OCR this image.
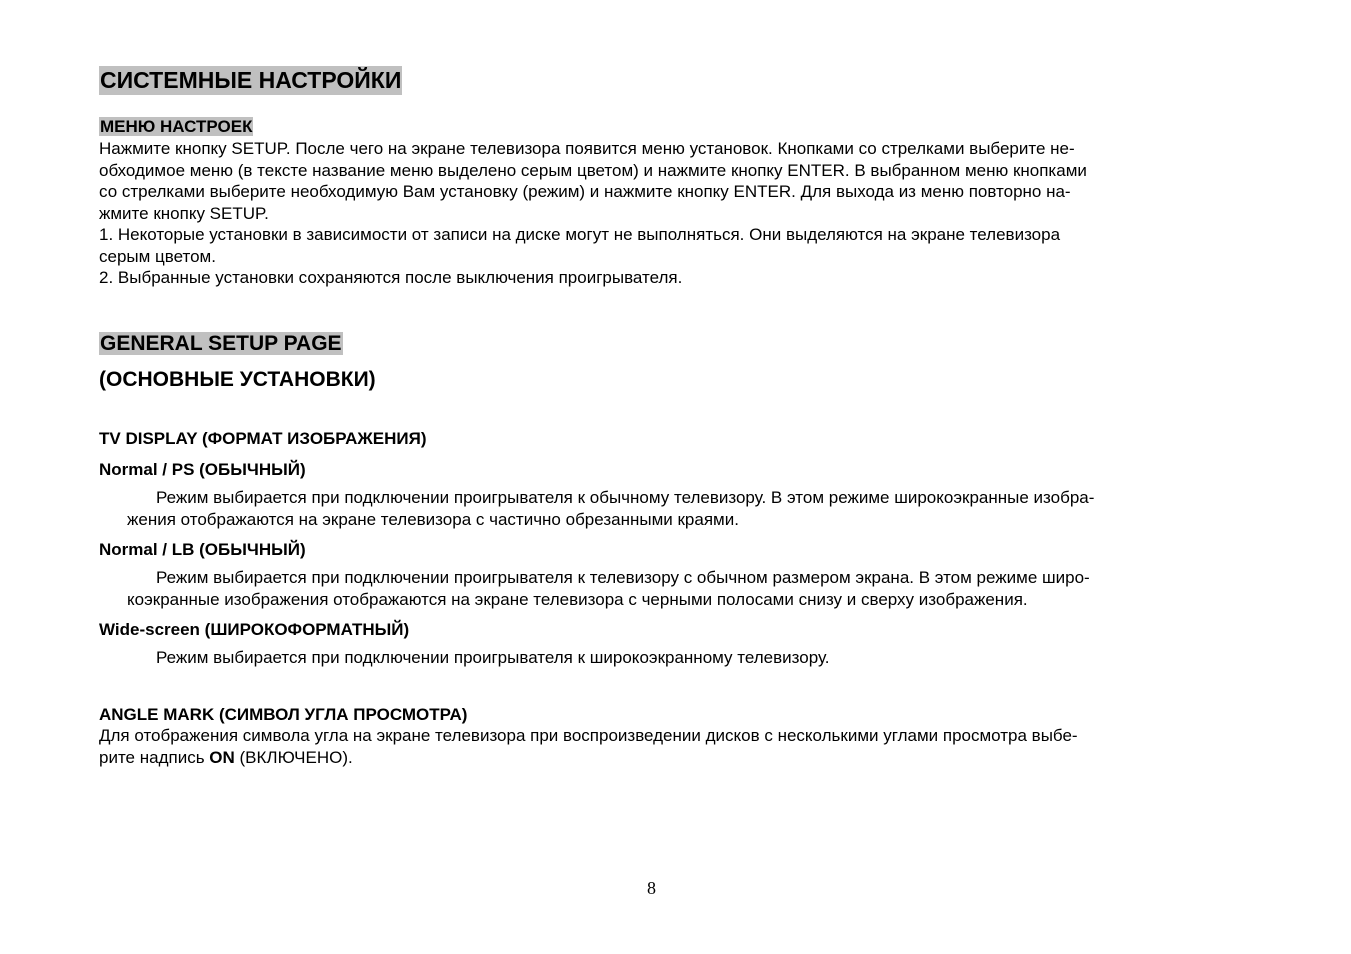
СИСТЕМНЫЕ НАСТРОЙКИ

МЕНЮ НАСТРОЕК

Нажмите кнопку SETUP. После чего на экране телевизора появится меню установок. Кнопками со стрелками выберите не-

обходимое меню (в тексте название меню выделено серым цветом) и нажмите кнопку ENTER. В выбранном меню кнопками

со стрелками выберите необходимую Вам установку (режим) и нажмите кнопку ENTER. Для выхода из меню повторно на-

жмите кнопку SETUP.

1. Некоторые установки в зависимости от записи на диске могут не выполняться. Они выделяются на экране телевизора

серым цветом.

2. Выбранные установки сохраняются после выключения проигрывателя.

GENERAL SETUP PAGE

(ОСНОВНЫЕ УСТАНОВКИ)

TV DISPLAY (ФОРМАТ ИЗОБРАЖЕНИЯ)

Normal / PS (ОБЫЧНЫЙ)

Режим выбирается при подключении проигрывателя к обычному телевизору. В этом режиме широкоэкранные изобра-

жения отображаются на экране телевизора с частично обрезанными краями.

Normal / LB (ОБЫЧНЫЙ)

Режим выбирается при подключении проигрывателя к телевизору с обычном размером экрана. В этом режиме широ-

коэкранные изображения отображаются на экране телевизора с черными полосами снизу и сверху изображения.

Wide-screen (ШИРОКОФОРМАТНЫЙ)

Режим выбирается при подключении проигрывателя к широкоэкранному телевизору.

ANGLE MARK (СИМВОЛ УГЛА ПРОСМОТРА)

Для отображения символа угла на экране телевизора при воспроизведении дисков с несколькими углами просмотра выбе-

рите надпись ON (ВКЛЮЧЕНО).

8
